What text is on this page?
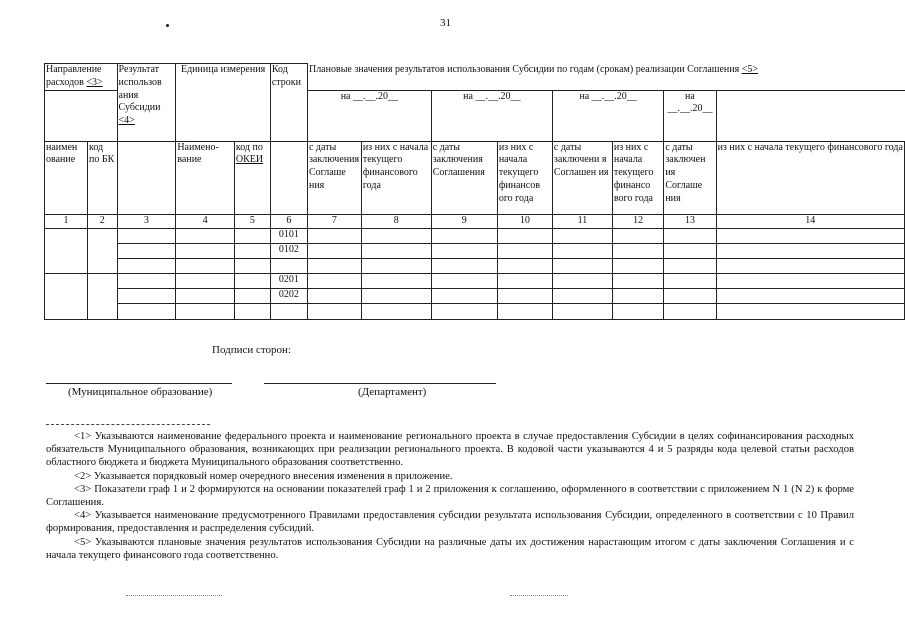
31
Направление расходов <3>		Результат использов ания Субсидии <4>	Единица измерения		Код строки	Плановые значения результатов использования Субсидии по годам (срокам) реализации Соглашения <5>							
						на __.__.20__		на __.__.20__		на __.__.20__		на __.__.20__	
наимен ование	код по БК		Наимено- вание	код по ОКЕИ		с даты заключения Соглаше ния	из них с начала текущего финансового года	с даты заключения Соглашения	из них с начала текущего финансов ого года	с даты заключени я Соглашен ия	из них с начала текущего финансо вого года	с даты заключен ия Соглаше ния	из них с начала текущего финансового года
1	2	3	4	5	6	7	8	9	10	11	12	13	14
					0101								
					0102								

					0201								
					0202								

Подписи сторон:
(Муниципальное образование)	(Департамент)

<1> Указываются наименование федерального проекта и наименование регионального проекта в случае предоставления Субсидии в целях софинансирования расходных обязательств Муниципального образования, возникающих при реализации регионального проекта. В кодовой части указываются 4 и 5 разряды кода целевой статьи расходов областного бюджета и бюджета Муниципального образования соответственно.

<2> Указывается порядковый номер очередного внесения изменения в приложение.

<3> Показатели граф 1 и 2 формируются на основании показателей граф 1 и 2 приложения к соглашению, оформленного в соответствии с приложением N 1 (N 2) к форме Соглашения.

<4> Указывается наименование предусмотренного Правилами предоставления субсидии результата использования Субсидии, определенного в соответствии с 10 Правил формирования, предоставления и распределения субсидий.

<5> Указываются плановые значения результатов использования Субсидии на различные даты их достижения нарастающим итогом с даты заключения Соглашения и с начала текущего финансового года соответственно.
